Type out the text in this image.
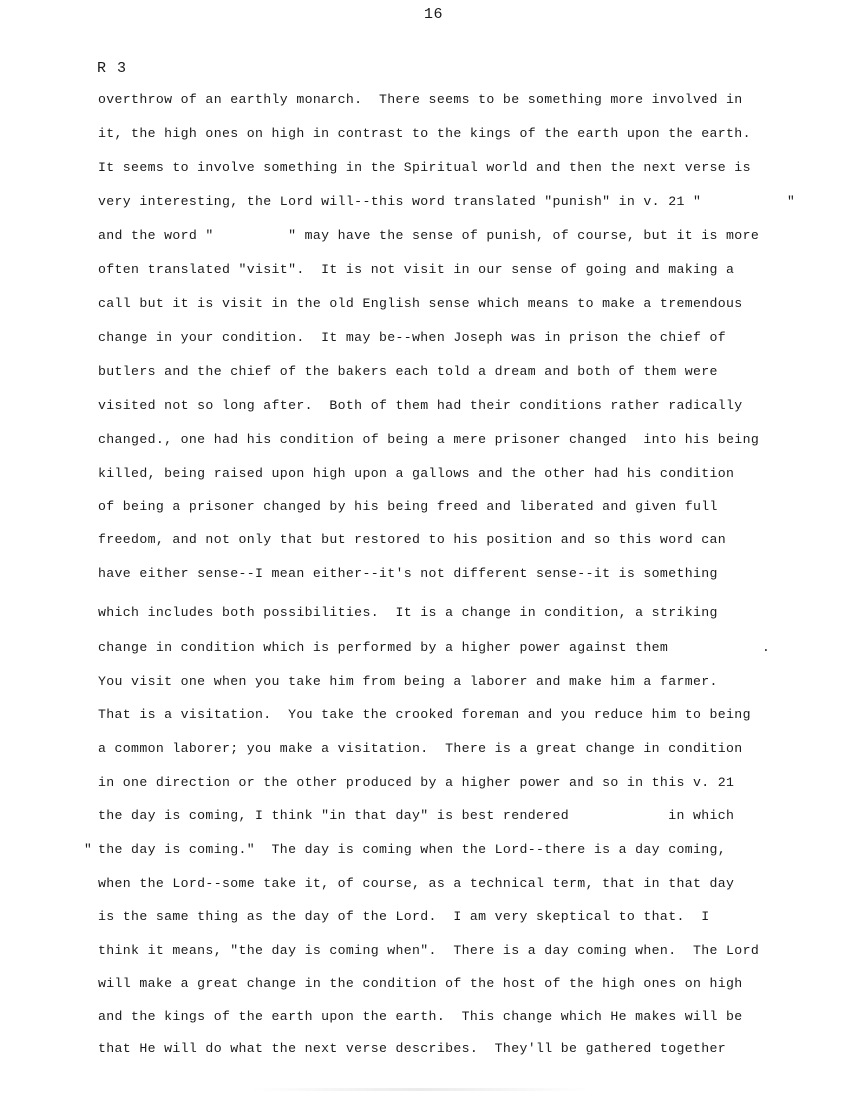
16
R 3
overthrow of an earthly monarch.  There seems to be something more involved in
it, the high ones on high in contrast to the kings of the earth upon the earth.
It seems to involve something in the Spiritual world and then the next verse is
very interesting, the Lord will--this word translated "punish" in v. 21 "
and the word "         " may have the sense of punish, of course, but it is more
often translated "visit".  It is not visit in our sense of going and making a
call but it is visit in the old English sense which means to make a tremendous
change in your condition.  It may be--when Joseph was in prison the chief of
butlers and the chief of the bakers each told a dream and both of them were
visited not so long after.  Both of them had their conditions rather radically
changed., one had his condition of being a mere prisoner changed  into his being
killed, being raised upon high upon a gallows and the other had his condition
of being a prisoner changed by his being freed and liberated and given full
freedom, and not only that but restored to his position and so this word can
have either sense--I mean either--it's not different sense--it is something
which includes both possibilities.  It is a change in condition, a striking
change in condition which is performed by a higher power against them
You visit one when you take him from being a laborer and make him a farmer.
That is a visitation.  You take the crooked foreman and you reduce him to being
a common laborer; you make a visitation.  There is a great change in condition
in one direction or the other produced by a higher power and so in this v. 21
the day is coming, I think "in that day" is best rendered            in which
the day is coming."  The day is coming when the Lord--there is a day coming,
when the Lord--some take it, of course, as a technical term, that in that day
is the same thing as the day of the Lord.  I am very skeptical to that.  I
think it means, "the day is coming when".  There is a day coming when.  The Lord
will make a great change in the condition of the host of the high ones on high
and the kings of the earth upon the earth.  This change which He makes will be
that He will do what the next verse describes.  They'll be gathered together
"
.
"
